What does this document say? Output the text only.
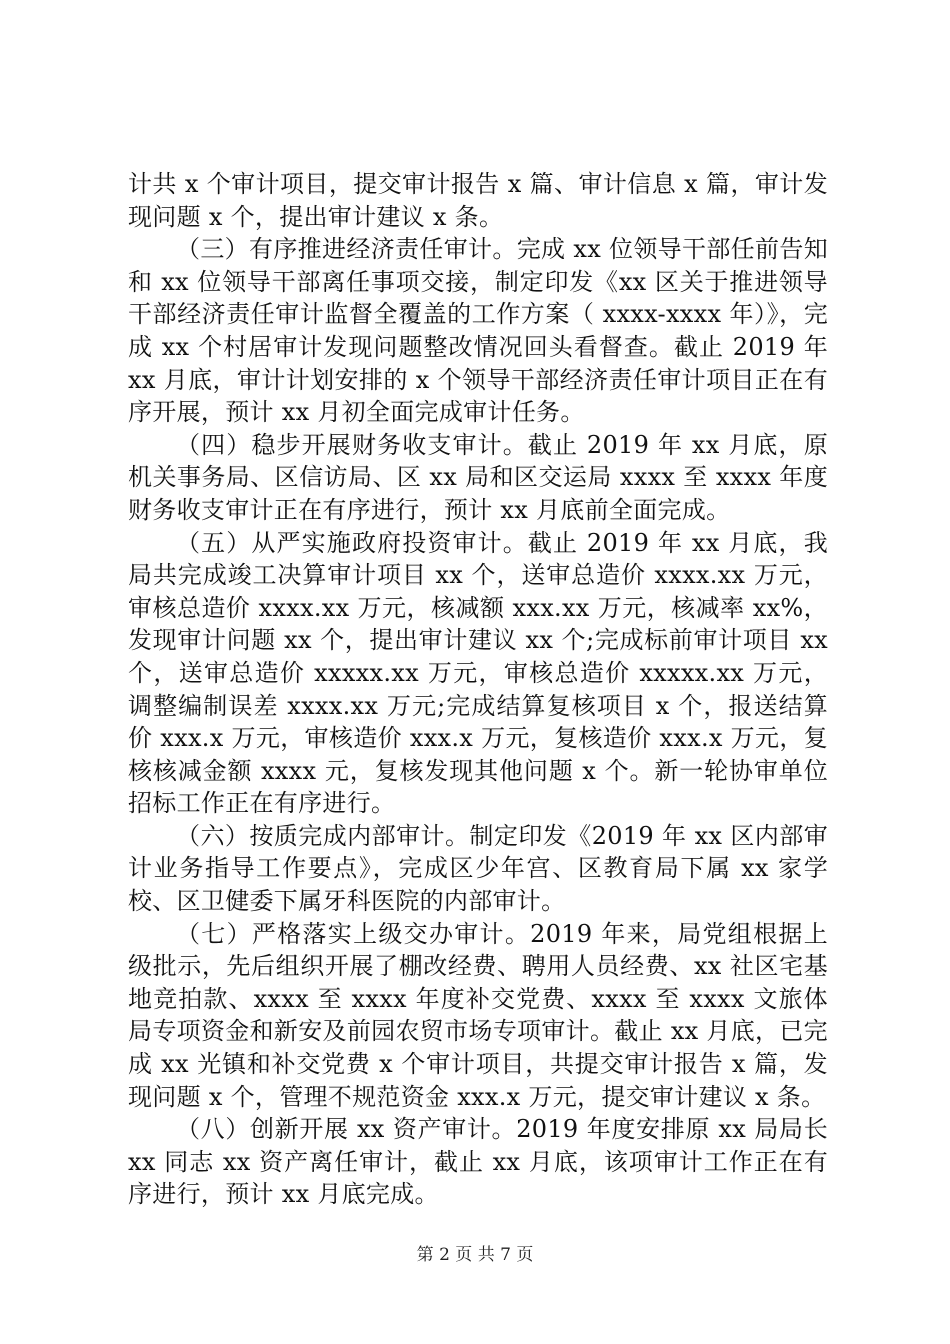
计共 x 个审计项目，提交审计报告 x 篇、审计信息 x 篇，审计发现问题 x 个，提出审计建议 x 条。

（三）有序推进经济责任审计。完成 xx 位领导干部任前告知和 xx 位领导干部离任事项交接，制定印发《xx 区关于推进领导干部经济责任审计监督全覆盖的工作方案（ xxxx-xxxx 年）》，完成 xx 个村居审计发现问题整改情况回头看督查。截止 2019 年 xx 月底，审计计划安排的 x 个领导干部经济责任审计项目正在有序开展，预计 xx 月初全面完成审计任务。

（四）稳步开展财务收支审计。截止 2019 年 xx 月底，原机关事务局、区信访局、区 xx 局和区交运局 xxxx 至 xxxx 年度财务收支审计正在有序进行，预计 xx 月底前全面完成。

（五）从严实施政府投资审计。截止 2019 年 xx 月底，我局共完成竣工决算审计项目 xx 个，送审总造价 xxxx.xx 万元，审核总造价 xxxx.xx 万元，核减额 xxx.xx 万元，核减率 xx%，发现审计问题 xx 个，提出审计建议 xx 个;完成标前审计项目 xx 个，送审总造价 xxxxx.xx 万元，审核总造价 xxxxx.xx 万元，调整编制误差 xxxx.xx 万元;完成结算复核项目 x 个，报送结算价 xxx.x 万元，审核造价 xxx.x 万元，复核造价 xxx.x 万元，复核核减金额 xxxx 元，复核发现其他问题 x 个。新一轮协审单位招标工作正在有序进行。

（六）按质完成内部审计。制定印发《2019 年 xx 区内部审计业务指导工作要点》，完成区少年宫、区教育局下属 xx 家学校、区卫健委下属牙科医院的内部审计。

（七）严格落实上级交办审计。2019 年来，局党组根据上级批示，先后组织开展了棚改经费、聘用人员经费、xx 社区宅基地竞拍款、xxxx 至 xxxx 年度补交党费、xxxx 至 xxxx 文旅体局专项资金和新安及前园农贸市场专项审计。截止 xx 月底，已完成 xx 光镇和补交党费 x 个审计项目，共提交审计报告 x 篇，发现问题 x 个，管理不规范资金 xxx.x 万元，提交审计建议 x 条。

（八）创新开展 xx 资产审计。2019 年度安排原 xx 局局长 xx 同志 xx 资产离任审计，截止 xx 月底，该项审计工作正在有序进行，预计 xx 月底完成。

第 2 页 共 7 页
